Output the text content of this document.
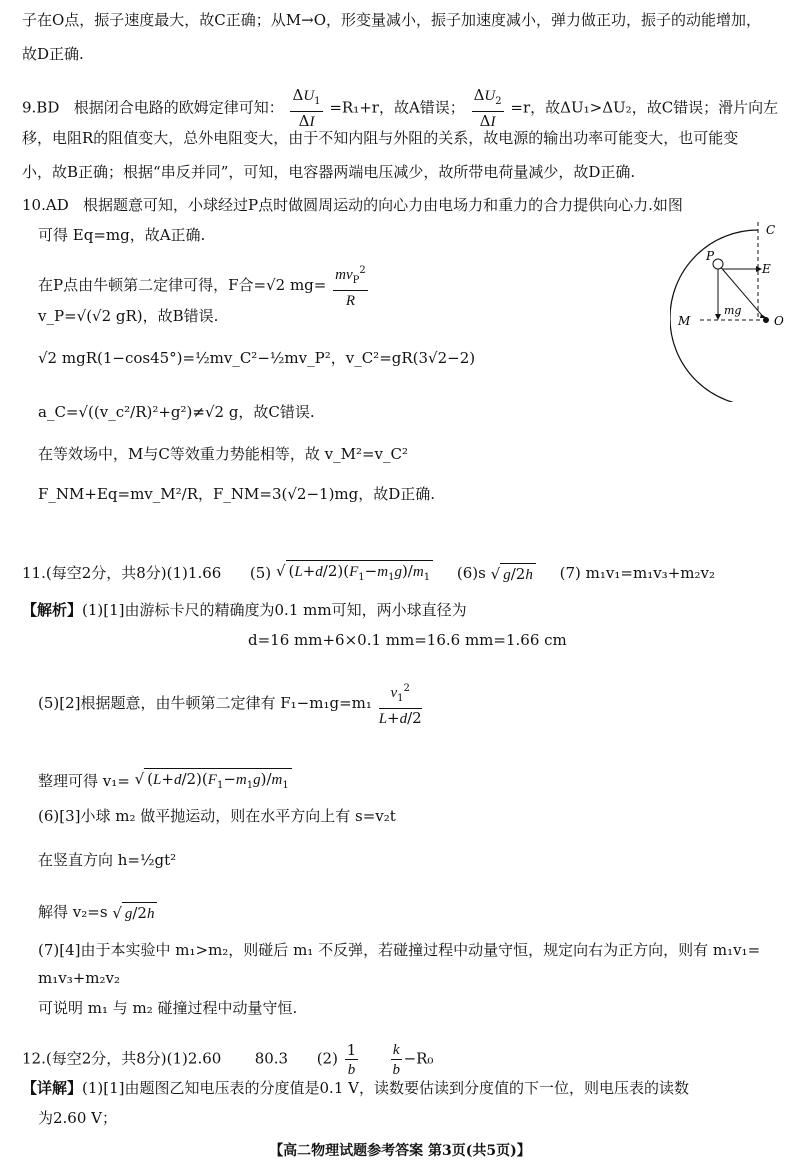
子在O点，振子速度最大，故C正确；从M→O，形变量减小，振子加速度减小，弹力做正功，振子的动能增加，
故D正确.
9.BD 根据闭合电路的欧姆定律可知： $\frac{\Delta U_1}{\Delta I} =R_1+r$，故A错误； $\frac{\Delta U_2}{\Delta I} =r$，故ΔU₁>ΔU₂，故C错误；滑片向左
移，电阻R的阻值变大，总外电阻变大，由于不知内阻与外阻的关系，故电源的输出功率可能变大，也可能变
小，故B正确；根据“串反并同”，可知，电容器两端电压减少，故所带电荷量减少，故D正确.
10.AD 根据题意可知，小球经过P点时做圆周运动的向心力由电场力和重力的合力提供向心力.如图
可得 Eq=mg，故A正确.
在P点由牛顿第二定律可得，F合=√2 $mg= \frac{mv_P^2}{R}$
v_P=√(√2 gR)，故B错误.
√2 mgR(1−cos45°)=½mv_C²−½mv_P²，v_C²=gR(3√2−2)
a_C=√((v_c²/R)²+g²)≠√2 g，故C错误.
在等效场中，M与C等效重力势能相等，故 v_M²=v_C²
F_NM+Eq=mv_M²/R，F_NM=3(√2−1)mg，故D正确.
P
C
E
M	O
mg
11.(每空2分，共8分)(1)1.66 (5) √ $(L+d/2)(F_1-m_1g)/m_1$ (6)s √ g/2h (7) m₁v₁=m₁v₃+m₂v₂
【解析】(1)[1]由游标卡尺的精确度为0.1 mm可知，两小球直径为
d=16 mm+6×0.1 mm=16.6 mm=1.66 cm
(5)[2]根据题意，由牛顿第二定律有 $F_1-m_1g=m_1 \frac{v_1^2}{L+d/2}$
整理可得 v₁= √ $(L+d/2)(F_1-m_1g)/m_1$
(6)[3]小球 m₂ 做平抛运动，则在水平方向上有 s=v₂t
在竖直方向 h=½gt²
解得 v₂=s √ g/2h
(7)[4]由于本实验中 m₁>m₂，则碰后 m₁ 不反弹，若碰撞过程中动量守恒，规定向右为正方向，则有 m₁v₁=
m₁v₃+m₂v₂
可说明 m₁ 与 m₂ 碰撞过程中动量守恒.
12.(每空2分，共8分)(1)2.60 80.3 $(2) \frac{1}{b}$
$\frac{k}{b} -R_0$
【详解】(1)[1]由题图乙知电压表的分度值是0.1 V，读数要估读到分度值的下一位，则电压表的读数
为2.60 V；
【高二物理试题参考答案 第3页(共5页)】
